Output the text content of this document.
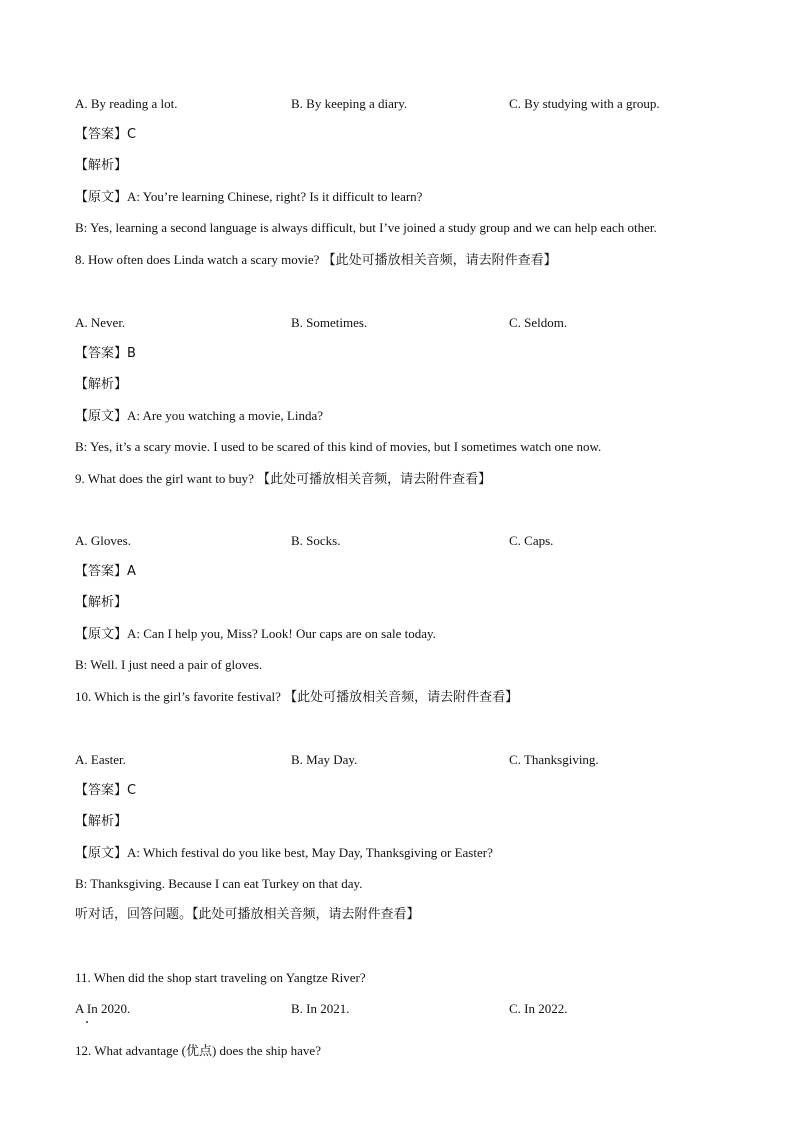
A. By reading a lot.	B. By keeping a diary.	C. By studying with a group.
【答案】C
【解析】
【原文】A: You’re learning Chinese, right? Is it difficult to learn?
B: Yes, learning a second language is always difficult, but I’ve joined a study group and we can help each other.
8. How often does Linda watch a scary movie? 【此处可播放相关音频，请去附件查看】
A. Never.	B. Sometimes.	C. Seldom.
【答案】B
【解析】
【原文】A: Are you watching a movie, Linda?
B: Yes, it’s a scary movie. I used to be scared of this kind of movies, but I sometimes watch one now.
9. What does the girl want to buy? 【此处可播放相关音频，请去附件查看】
A. Gloves.	B. Socks.	C. Caps.
【答案】A
【解析】
【原文】A: Can I help you, Miss? Look! Our caps are on sale today.
B: Well. I just need a pair of gloves.
10. Which is the girl’s favorite festival? 【此处可播放相关音频，请去附件查看】
A. Easter.	B. May Day.	C. Thanksgiving.
【答案】C
【解析】
【原文】A: Which festival do you like best, May Day, Thanksgiving or Easter?
B: Thanksgiving. Because I can eat Turkey on that day.
听对话，回答问题。【此处可播放相关音频，请去附件查看】
11. When did the shop start traveling on Yangtze River?
A In 2020.	B. In 2021.	C. In 2022.
12. What advantage (优点) does the ship have?
